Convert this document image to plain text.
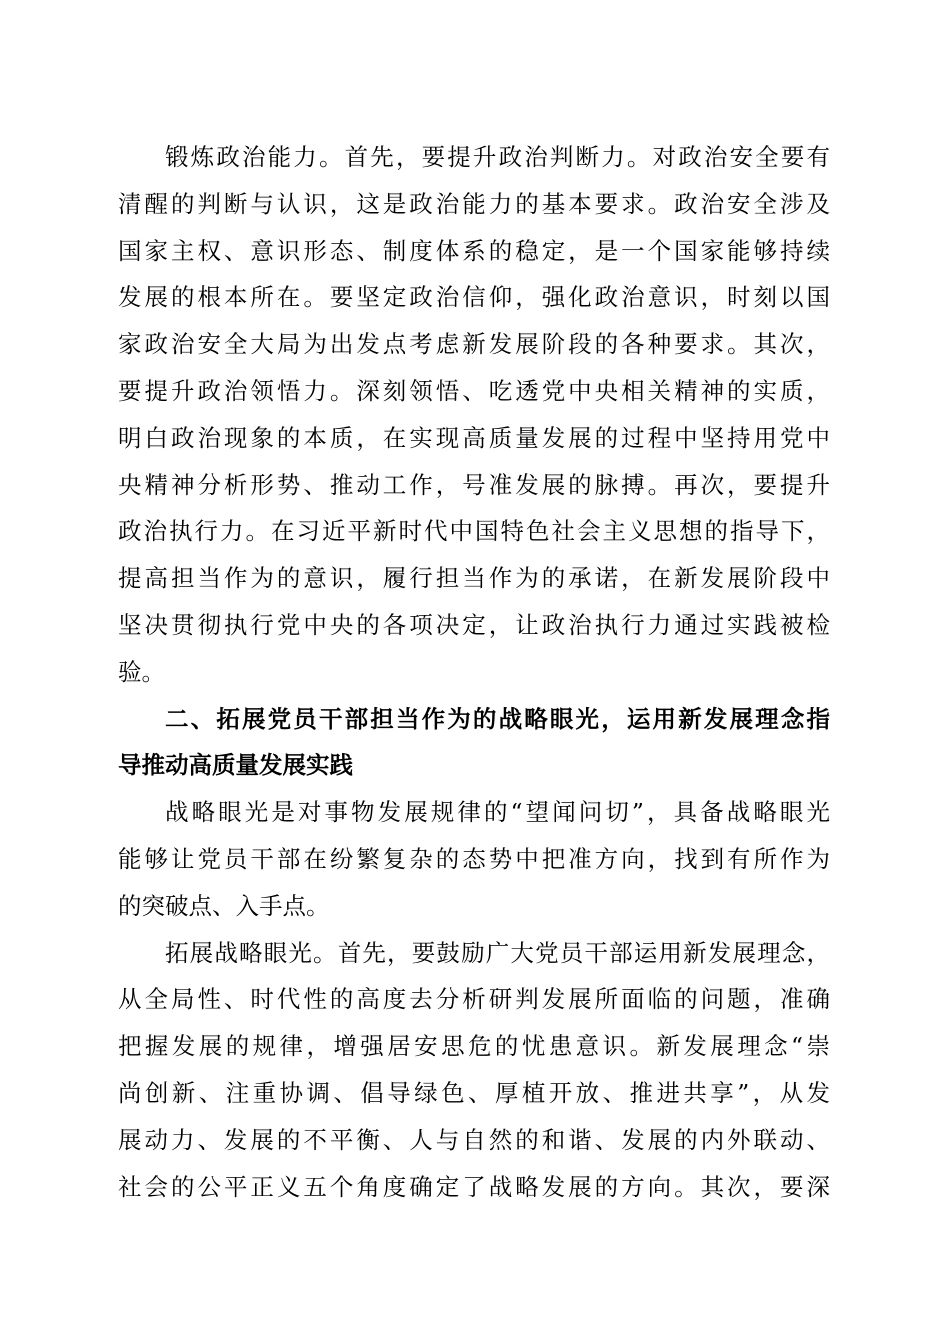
锻炼政治能力。首先，要提升政治判断力。对政治安全要有
清醒的判断与认识，这是政治能力的基本要求。政治安全涉及
国家主权、意识形态、制度体系的稳定，是一个国家能够持续
发展的根本所在。要坚定政治信仰，强化政治意识，时刻以国
家政治安全大局为出发点考虑新发展阶段的各种要求。其次，
要提升政治领悟力。深刻领悟、吃透党中央相关精神的实质，
明白政治现象的本质，在实现高质量发展的过程中坚持用党中
央精神分析形势、推动工作，号准发展的脉搏。再次，要提升
政治执行力。在习近平新时代中国特色社会主义思想的指导下，
提高担当作为的意识，履行担当作为的承诺，在新发展阶段中
坚决贯彻执行党中央的各项决定，让政治执行力通过实践被检
验。
二、拓展党员干部担当作为的战略眼光，运用新发展理念指
导推动高质量发展实践
战略眼光是对事物发展规律的“望闻问切”，具备战略眼光
能够让党员干部在纷繁复杂的态势中把准方向，找到有所作为
的突破点、入手点。
拓展战略眼光。首先，要鼓励广大党员干部运用新发展理念，
从全局性、时代性的高度去分析研判发展所面临的问题，准确
把握发展的规律，增强居安思危的忧患意识。新发展理念“崇
尚创新、注重协调、倡导绿色、厚植开放、推进共享”，从发
展动力、发展的不平衡、人与自然的和谐、发展的内外联动、
社会的公平正义五个角度确定了战略发展的方向。其次，要深
